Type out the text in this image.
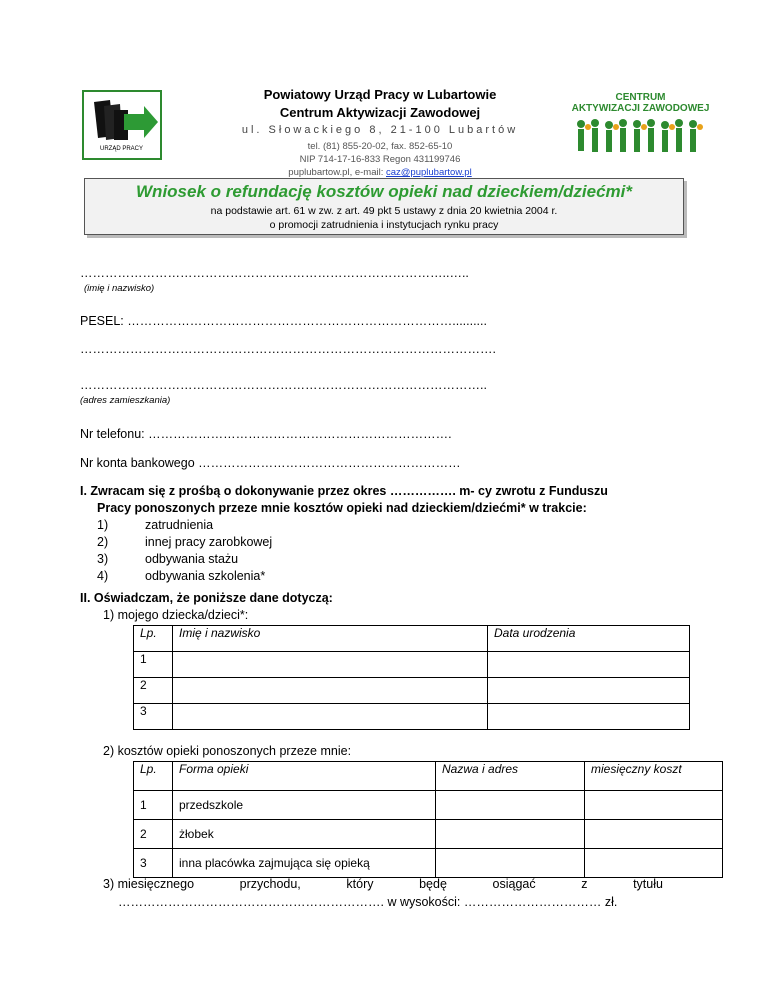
URZĄD PRACY
Powiatowy Urząd Pracy w Lubartowie
Centrum Aktywizacji Zawodowej
ul. Słowackiego 8, 21-100 Lubartów
tel. (81) 855-20-02, fax. 852-65-10
NIP 714-17-16-833 Regon 431199746
puplubartow.pl, e-mail: caz@puplubartow.pl
CENTRUM
AKTYWIZACJI ZAWODOWEJ
Wniosek o refundację kosztów opieki nad dzieckiem/dziećmi*
na podstawie art. 61 w zw. z art. 49 pkt 5 ustawy z dnia 20 kwietnia 2004 r.
o promocji zatrudnienia i instytucjach rynku pracy
……………………………………………………………………………..…..
(imię i nazwisko)
PESEL: ……………………………………………………………………..........
……………………………………………………………………………………….
……………………………………………………………………………………..
(adres zamieszkania)
Nr telefonu: ……………………………………………………………….
Nr konta bankowego ………………………………………………………
I. Zwracam się z prośbą o dokonywanie przez okres ……………. m- cy zwrotu z Funduszu
Pracy ponoszonych przeze mnie kosztów opieki nad dzieckiem/dziećmi* w trakcie:
1)	zatrudnienia
2)	innej pracy zarobkowej
3)	odbywania stażu
4)	odbywania szkolenia*
II. Oświadczam, że poniższe dane dotyczą:
1) mojego dziecka/dzieci*:
Lp.	Imię i nazwisko	Data urodzenia
1		
2		
3		
2) kosztów opieki ponoszonych przeze mnie:
Lp.	Forma opieki	Nazwa i adres	miesięczny koszt
1	przedszkole		
2	żłobek		
3	inna placówka zajmująca się opieką		
3) miesięcznego	przychodu,	który	będę	osiągać	z	tytułu
………………………………………………………. w wysokości: …………………………… zł.
